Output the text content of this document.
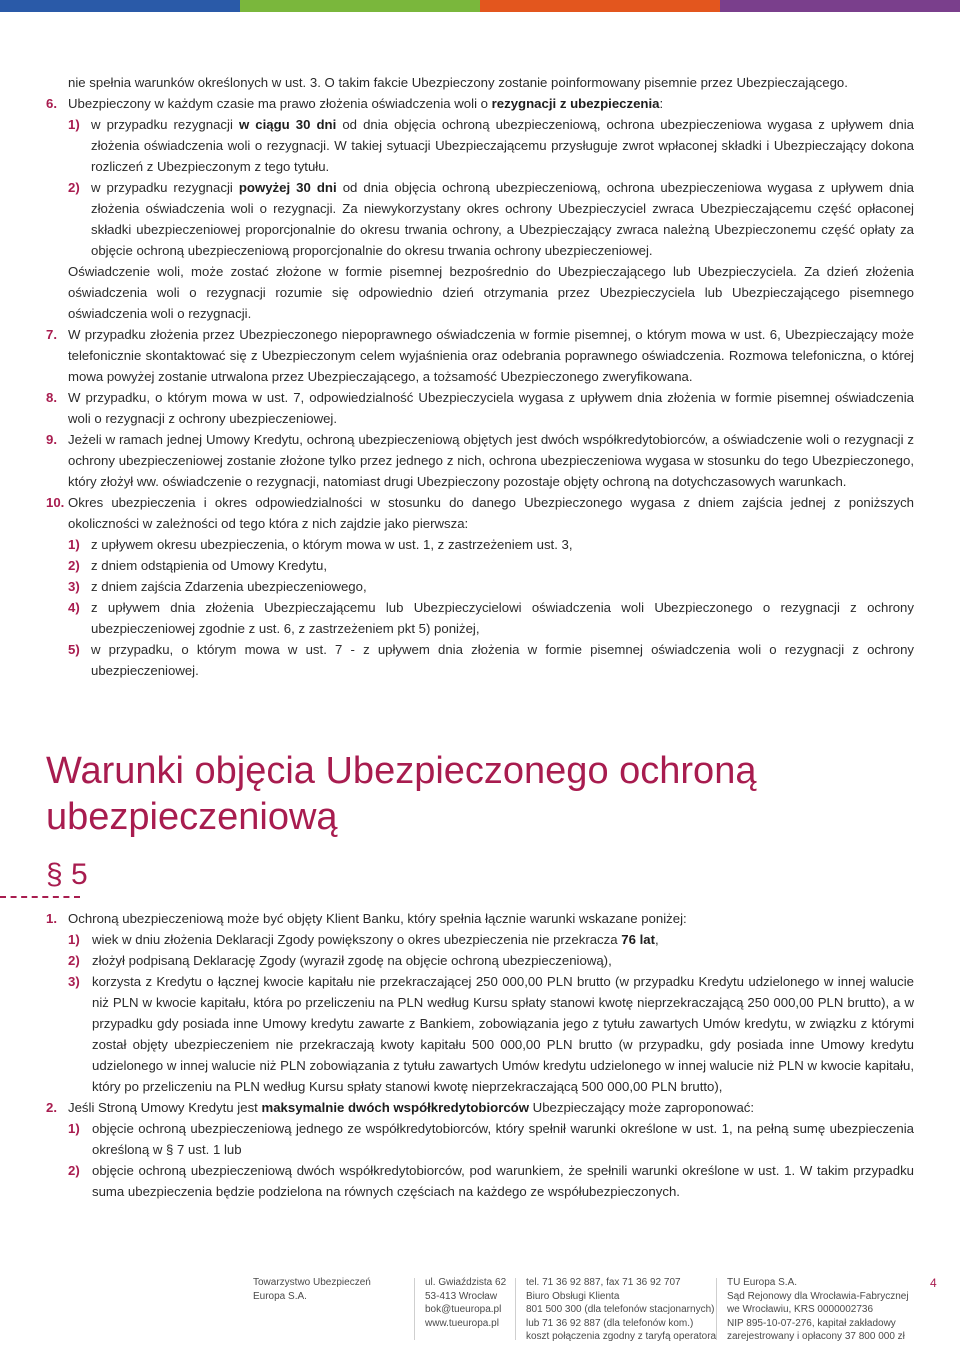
nie spełnia warunków określonych w ust. 3. O takim fakcie Ubezpieczony zostanie poinformowany pisemnie przez Ubezpieczającego.

6. Ubezpieczony w każdym czasie ma prawo złożenia oświadczenia woli o rezygnacji z ubezpieczenia:
1) w przypadku rezygnacji w ciągu 30 dni od dnia objęcia ochroną ubezpieczeniową, ochrona ubezpieczeniowa wygasa z upływem dnia złożenia oświadczenia woli o rezygnacji. W takiej sytuacji Ubezpieczającemu przysługuje zwrot wpłaconej składki i Ubezpieczający dokona rozliczeń z Ubezpieczonym z tego tytułu.
2) w przypadku rezygnacji powyżej 30 dni od dnia objęcia ochroną ubezpieczeniową, ochrona ubezpieczeniowa wygasa z upływem dnia złożenia oświadczenia woli o rezygnacji. Za niewykorzystany okres ochrony Ubezpieczyciel zwraca Ubezpieczającemu część opłaconej składki ubezpieczeniowej proporcjonalnie do okresu trwania ochrony, a Ubezpieczający zwraca należną Ubezpieczonemu część opłaty za objęcie ochroną ubezpieczeniową proporcjonalnie do okresu trwania ochrony ubezpieczeniowej.

Oświadczenie woli, może zostać złożone w formie pisemnej bezpośrednio do Ubezpieczającego lub Ubezpieczyciela. Za dzień złożenia oświadczenia woli o rezygnacji rozumie się odpowiednio dzień otrzymania przez Ubezpieczyciela lub Ubezpieczającego pisemnego oświadczenia woli o rezygnacji.

7. W przypadku złożenia przez Ubezpieczonego niepoprawnego oświadczenia w formie pisemnej, o którym mowa w ust. 6, Ubezpieczający może telefonicznie skontaktować się z Ubezpieczonym celem wyjaśnienia oraz odebrania poprawnego oświadczenia. Rozmowa telefoniczna, o której mowa powyżej zostanie utrwalona przez Ubezpieczającego, a tożsamość Ubezpieczonego zweryfikowana.
8. W przypadku, o którym mowa w ust. 7, odpowiedzialność Ubezpieczyciela wygasa z upływem dnia złożenia w formie pisemnej oświadczenia woli o rezygnacji z ochrony ubezpieczeniowej.
9. Jeżeli w ramach jednej Umowy Kredytu, ochroną ubezpieczeniową objętych jest dwóch współkredytobiorców, a oświadczenie woli o rezygnacji z ochrony ubezpieczeniowej zostanie złożone tylko przez jednego z nich, ochrona ubezpieczeniowa wygasa w stosunku do tego Ubezpieczonego, który złożył ww. oświadczenie o rezygnacji, natomiast drugi Ubezpieczony pozostaje objęty ochroną na dotychczasowych warunkach.
10. Okres ubezpieczenia i okres odpowiedzialności w stosunku do danego Ubezpieczonego wygasa z dniem zajścia jednej z poniższych okoliczności w zależności od tego która z nich zajdzie jako pierwsza:
1) z upływem okresu ubezpieczenia, o którym mowa w ust. 1, z zastrzeżeniem ust. 3,
2) z dniem odstąpienia od Umowy Kredytu,
3) z dniem zajścia Zdarzenia ubezpieczeniowego,
4) z upływem dnia złożenia Ubezpieczającemu lub Ubezpieczycielowi oświadczenia woli Ubezpieczonego o rezygnacji z ochrony ubezpieczeniowej zgodnie z ust. 6, z zastrzeżeniem pkt 5) poniżej,
5) w przypadku, o którym mowa w ust. 7 - z upływem dnia złożenia w formie pisemnej oświadczenia woli o rezygnacji z ochrony ubezpieczeniowej.
Warunki objęcia Ubezpieczonego ochroną ubezpieczeniową
§ 5
1. Ochroną ubezpieczeniową może być objęty Klient Banku, który spełnia łącznie warunki wskazane poniżej:
1) wiek w dniu złożenia Deklaracji Zgody powiększony o okres ubezpieczenia nie przekracza 76 lat,
2) złożył podpisaną Deklarację Zgody (wyraził zgodę na objęcie ochroną ubezpieczeniową),
3) korzysta z Kredytu o łącznej kwocie kapitału nie przekraczającej 250 000,00 PLN brutto (w przypadku Kredytu udzielonego w innej walucie niż PLN w kwocie kapitału, która po przeliczeniu na PLN według Kursu spłaty stanowi kwotę nieprzekraczającą 250 000,00 PLN brutto), a w przypadku gdy posiada inne Umowy kredytu zawarte z Bankiem, zobowiązania jego z tytułu zawartych Umów kredytu, w związku z którymi został objęty ubezpieczeniem nie przekraczają kwoty kapitału 500 000,00 PLN brutto (w przypadku, gdy posiada inne Umowy kredytu udzielonego w innej walucie niż PLN zobowiązania z tytułu zawartych Umów kredytu udzielonego w innej walucie niż PLN w kwocie kapitału, który po przeliczeniu na PLN według Kursu spłaty stanowi kwotę nieprzekraczającą 500 000,00 PLN brutto),
2. Jeśli Stroną Umowy Kredytu jest maksymalnie dwóch współkredytobiorców Ubezpieczający może zaproponować:
1) objęcie ochroną ubezpieczeniową jednego ze współkredytobiorców, który spełnił warunki określone w ust. 1, na pełną sumę ubezpieczenia określoną w § 7 ust. 1 lub
2) objęcie ochroną ubezpieczeniową dwóch współkredytobiorców, pod warunkiem, że spełnili warunki określone w ust. 1. W takim przypadku suma ubezpieczenia będzie podzielona na równych częściach na każdego ze współubezpieczonych.
Towarzystwo Ubezpieczeń
Europa S.A.
ul. Gwiaździsta 62
53-413 Wrocław
bok@tueuropa.pl
www.tueuropa.pl
tel. 71 36 92 887, fax 71 36 92 707
Biuro Obsługi Klienta
801 500 300 (dla telefonów stacjonarnych)
lub 71 36 92 887 (dla telefonów kom.)
koszt połączenia zgodny z taryfą operatora
TU Europa S.A.
Sąd Rejonowy dla Wrocławia-Fabrycznej
we Wrocławiu, KRS 0000002736
NIP 895-10-07-276, kapitał zakładowy
zarejestrowany i opłacony 37 800 000 zł
4
